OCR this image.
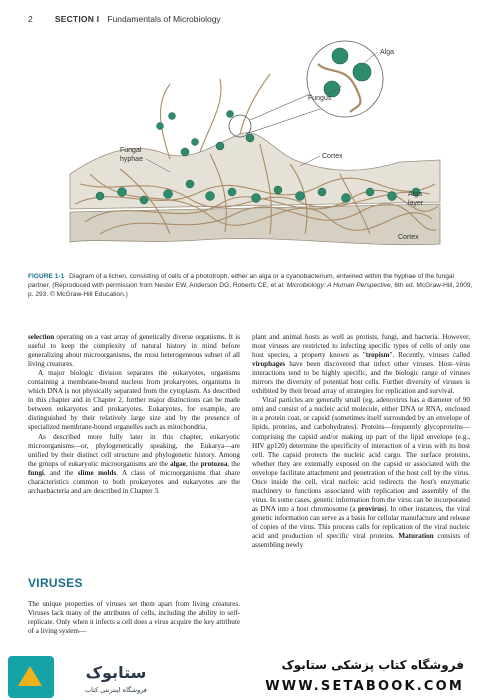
2	SECTION I Fundamentals of Microbiology
Alga
Fungus
Fungal
hyphae	Cortex
Alga
layer
Cortex
FIGURE 1-1 Diagram of a lichen, consisting of cells of a phototroph, either an alga or a cyanobacterium, entwined within the hyphae of the fungal partner. (Reproduced with permission from Nester EW, Anderson DG, Roberts CE, et al: Microbiology: A Human Perspective, 6th ed. McGraw-Hill, 2009, p. 293. © McGraw-Hill Education.)

selection operating on a vast array of genetically diverse organisms. It is useful to keep the complexity of natural history in mind before generalizing about microorganisms, the most heterogeneous subset of all living creatures.

A major biologic division separates the eukaryotes, organisms containing a membrane-bound nucleus from prokaryotes, organisms in which DNA is not physically separated from the cytoplasm. As described in this chapter and in Chapter 2, further major distinctions can be made between eukaryotes and prokaryotes. Eukaryotes, for example, are distinguished by their relatively large size and by the presence of specialized membrane-bound organelles such as mitochondria.

As described more fully later in this chapter, eukaryotic microorganisms—or, phylogenetically speaking, the Eukarya—are unified by their distinct cell structure and phylogenetic history. Among the groups of eukaryotic microorganisms are the algae, the protozoa, the fungi, and the slime molds. A class of microorganisms that share characteristics common to both prokaryotes and eukaryotes are the archaebacteria and are described in Chapter 3.

VIRUSES

The unique properties of viruses set them apart from living creatures. Viruses lack many of the attributes of cells, including the ability to self-replicate. Only when it infects a cell does a virus acquire the key attribute of a living system—

plant and animal hosts as well as protists, fungi, and bacteria. However, most viruses are restricted to infecting specific types of cells of only one host species, a property known as "tropism". Recently, viruses called virophages have been discovered that infect other viruses. Host–virus interactions tend to be highly specific, and the biologic range of viruses mirrors the diversity of potential host cells. Further diversity of viruses is exhibited by their broad array of strategies for replication and survival.

Viral particles are generally small (eg, adenovirus has a diameter of 90 nm) and consist of a nucleic acid molecule, either DNA or RNA, enclosed in a protein coat, or capsid (sometimes itself surrounded by an envelope of lipids, proteins, and carbohydrates). Proteins—frequently glycoproteins—comprising the capsid and/or making up part of the lipid envelope (e.g., HIV gp120) determine the specificity of interaction of a virus with its host cell. The capsid protects the nucleic acid cargo. The surface proteins, whether they are externally exposed on the capsid or associated with the envelope facilitate attachment and penetration of the host cell by the virus. Once inside the cell, viral nucleic acid redirects the host's enzymatic machinery to functions associated with replication and assembly of the virus. In some cases, genetic information from the virus can be incorporated as DNA into a host chromosome (a provirus). In other instances, the viral genetic information can serve as a basis for cellular manufacture and release of copies of the virus. This process calls for replication of the viral nucleic acid and production of specific viral proteins. Maturation consists of assembling newly

ستابوک
فروشگاه اینترنتی کتاب
فروشگاه کتاب پزشکی ستابوک
WWW.SETABOOK.COM
